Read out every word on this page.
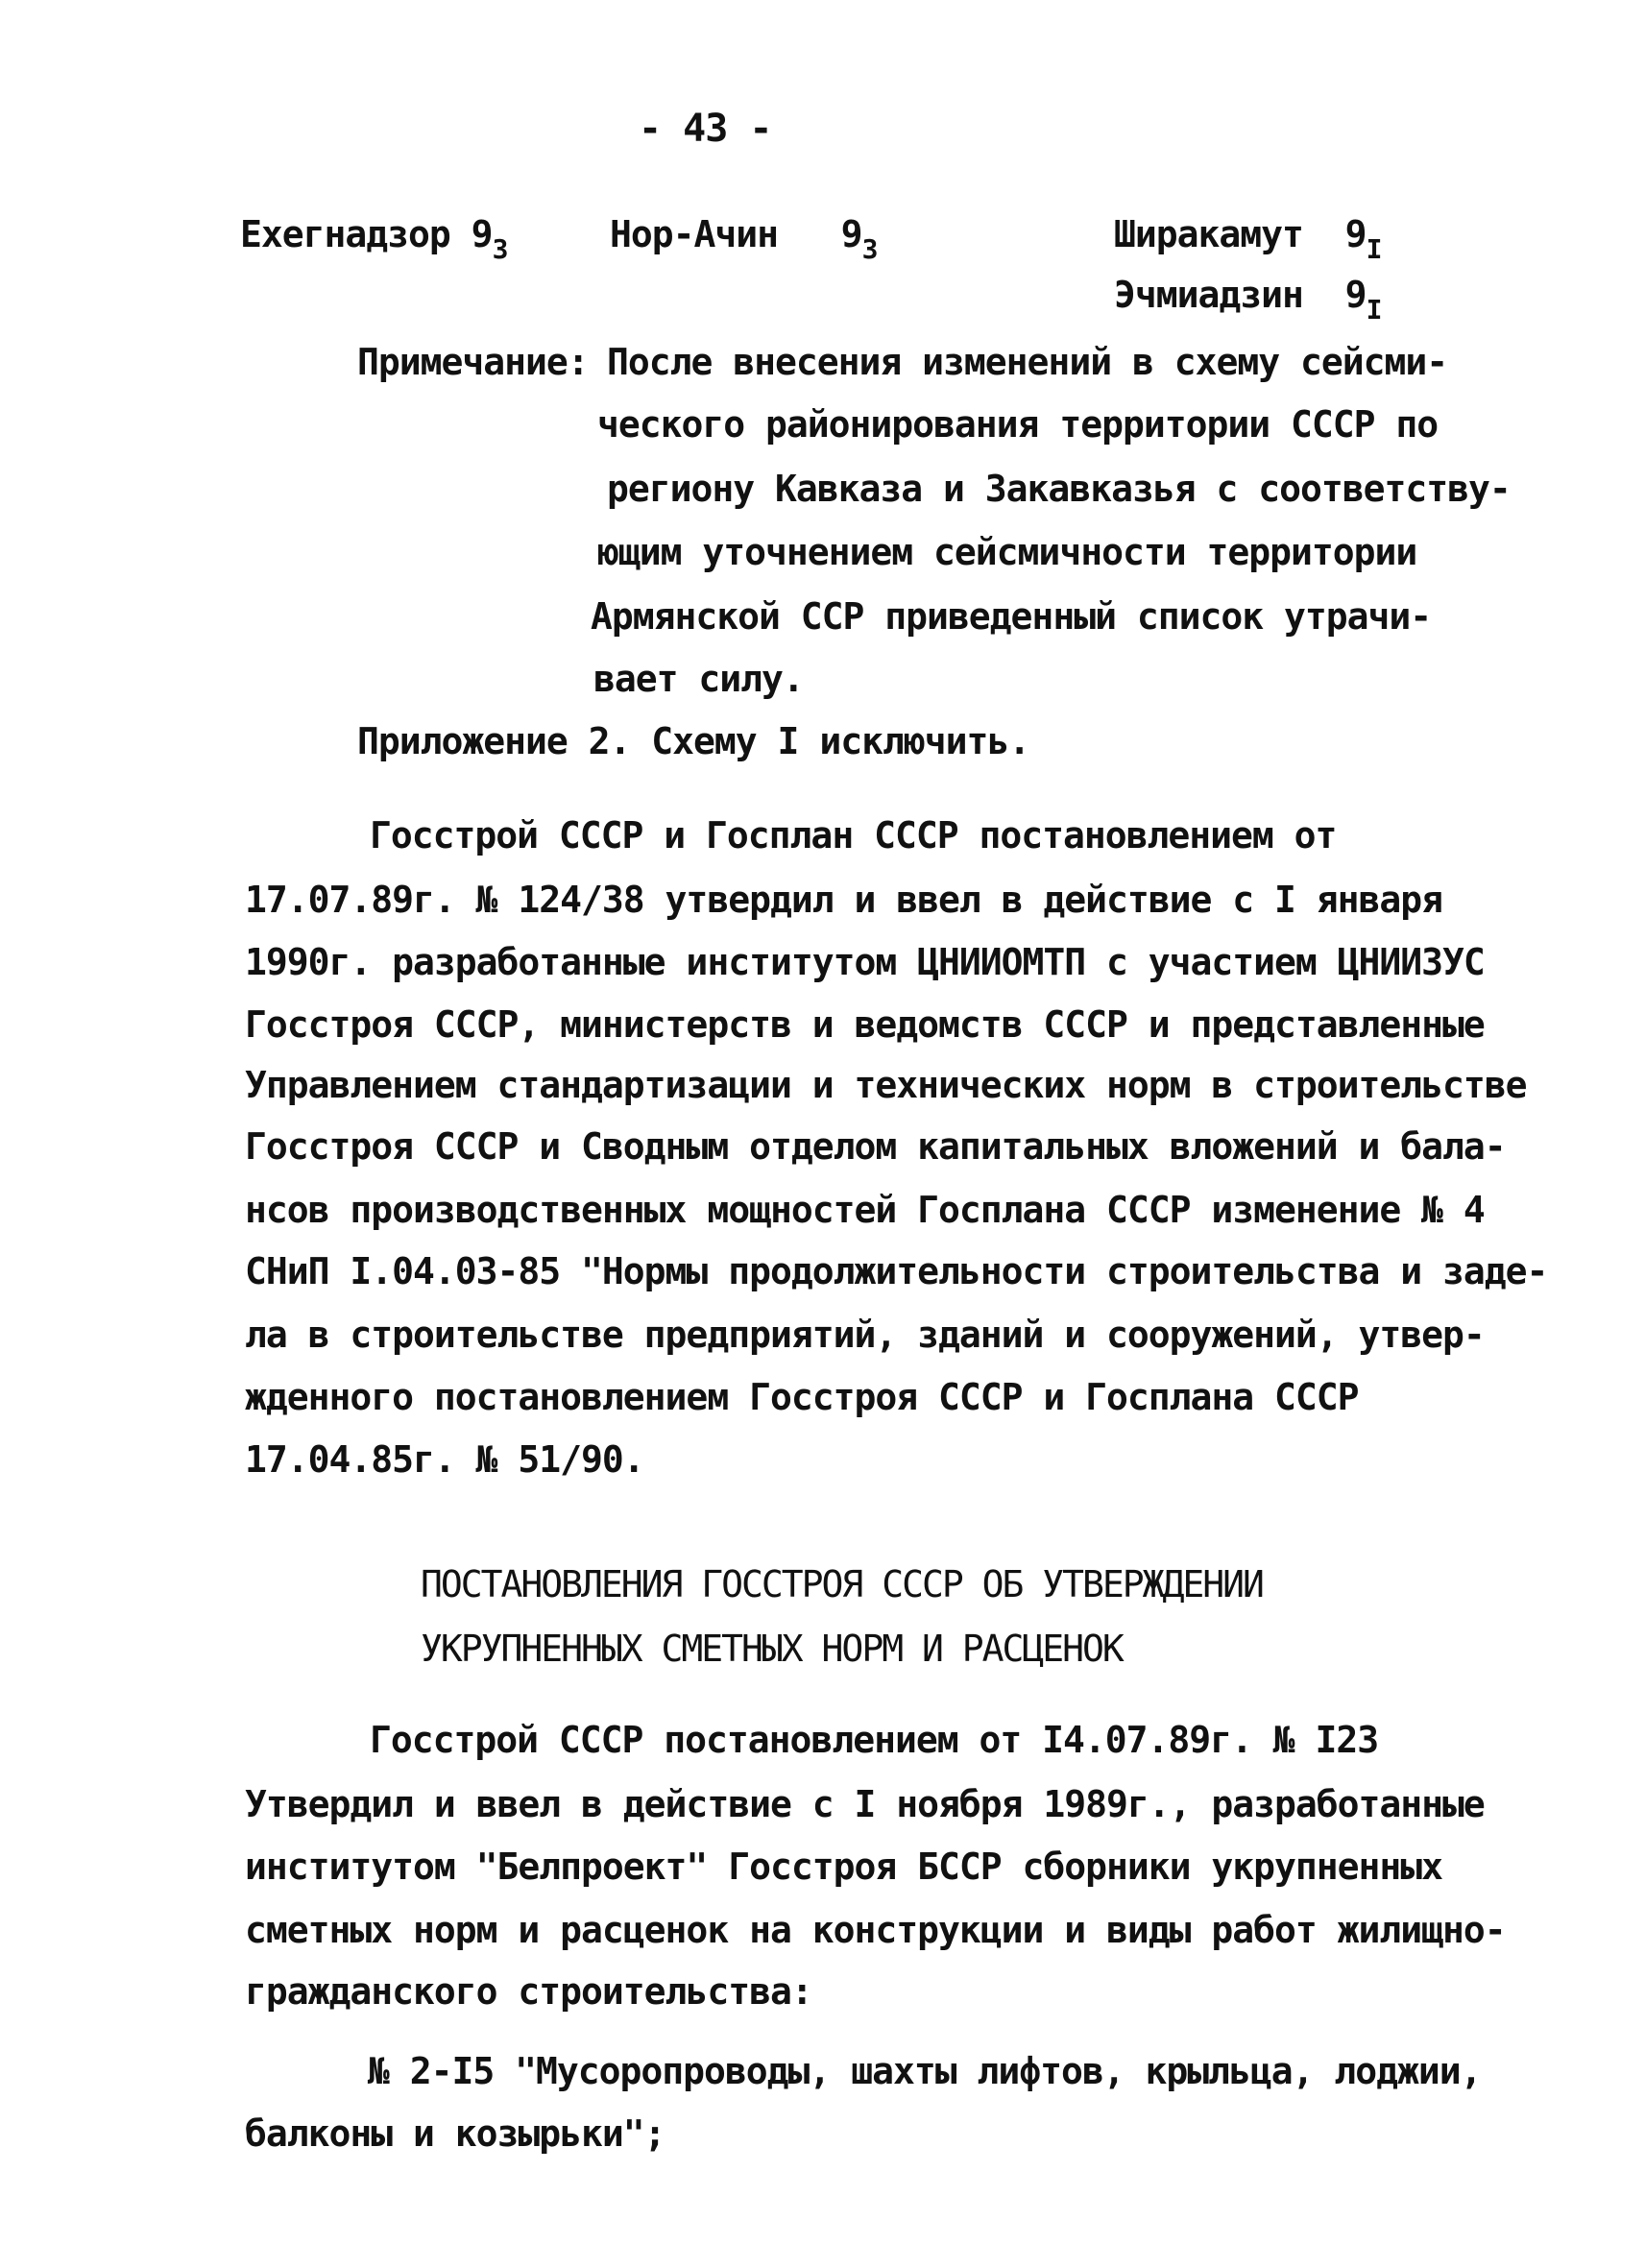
- 43 -
Ехегнадзор $9_3$	Нор-Ачин $9_3$	Ширакамут $9_I$
Эчмиадзин $9_I$
Примечание: После внесения изменений в схему сейсми-
ческого районирования территории СССР по
региону Кавказа и Закавказья с соответству-
ющим уточнением сейсмичности территории
Армянской ССР приведенный список утрачи-
вает силу.
Приложение 2. Схему I исключить.
Госстрой СССР и Госплан СССР постановлением от
17.07.89г. № 124/38 утвердил и ввел в действие с I января
1990г. разработанные институтом ЦНИИОМТП с участием ЦНИИЗУС
Госстроя СССР, министерств и ведомств СССР и представленные
Управлением стандартизации и технических норм в строительстве
Госстроя СССР и Сводным отделом капитальных вложений и бала-
нсов производственных мощностей Госплана СССР изменение № 4
СНиП I.04.03-85 "Нормы продолжительности строительства и заде-
ла в строительстве предприятий, зданий и сооружений, утвер-
жденного постановлением Госстроя СССР и Госплана СССР
17.04.85г. № 51/90.
ПОСТАНОВЛЕНИЯ ГОССТРОЯ СССР ОБ УТВЕРЖДЕНИИ
УКРУПНЕННЫХ СМЕТНЫХ НОРМ И РАСЦЕНОК
Госстрой СССР постановлением от I4.07.89г. № I23
Утвердил и ввел в действие с I ноября 1989г., разработанные
институтом "Белпроект" Госстроя БССР сборники укрупненных
сметных норм и расценок на конструкции и виды работ жилищно-
гражданского строительства:
№ 2-I5 "Мусоропроводы, шахты лифтов, крыльца, лоджии,
балконы и козырьки";
